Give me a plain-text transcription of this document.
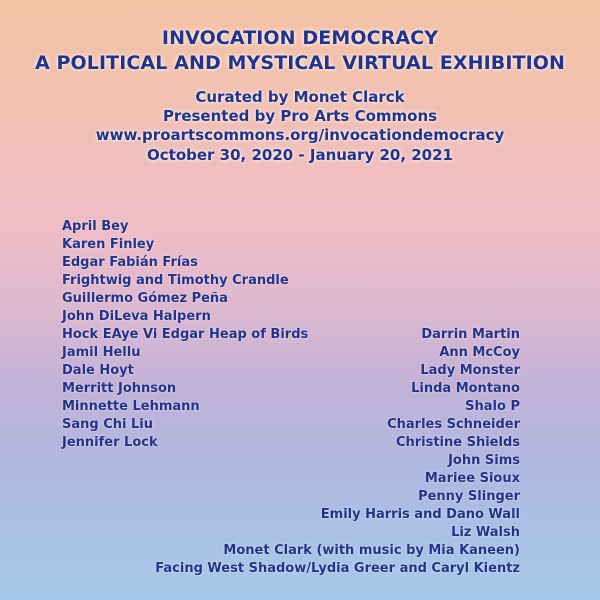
INVOCATION DEMOCRACY
A POLITICAL AND MYSTICAL VIRTUAL EXHIBITION
Curated by Monet Clarck
Presented by Pro Arts Commons
www.proartscommons.org/invocationdemocracy
October 30, 2020 - January 20, 2021
April Bey
Karen Finley
Edgar Fabián Frías
Frightwig and Timothy Crandle
Guillermo Gómez Peña
John DiLeva Halpern
Hock EAye Vi Edgar Heap of Birds
Jamil Hellu
Dale Hoyt
Merritt Johnson
Minnette Lehmann
Sang Chi Liu
Jennifer Lock
Darrin Martin
Ann McCoy
Lady Monster
Linda Montano
Shalo P
Charles Schneider
Christine Shields
John Sims
Mariee Sioux
Penny Slinger
Emily Harris and Dano Wall
Liz Walsh
Monet Clark (with music by Mia Kaneen)
Facing West Shadow/Lydia Greer and Caryl Kientz
